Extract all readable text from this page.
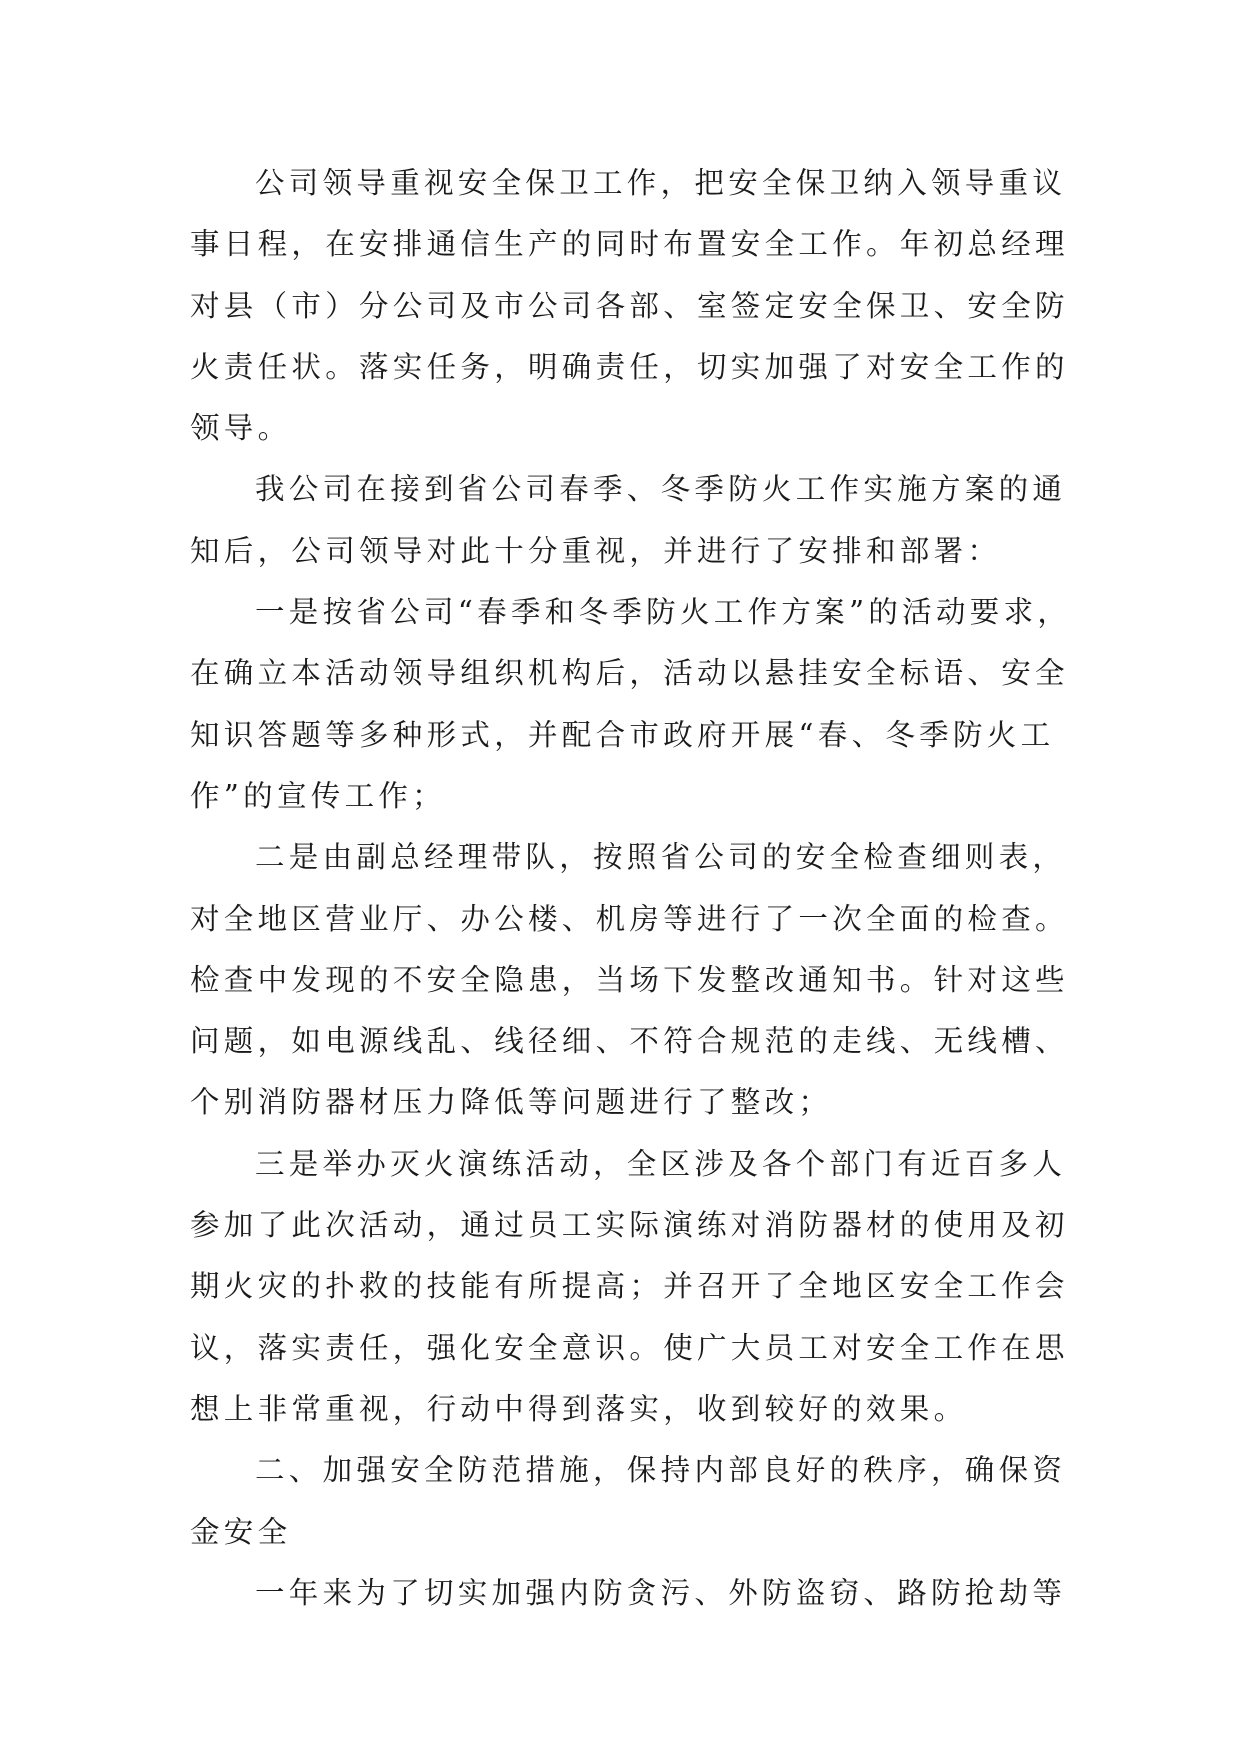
公司领导重视安全保卫工作，把安全保卫纳入领导重议
事日程，在安排通信生产的同时布置安全工作。年初总经理
对县（市）分公司及市公司各部、室签定安全保卫、安全防
火责任状。落实任务，明确责任，切实加强了对安全工作的
领导。
我公司在接到省公司春季、冬季防火工作实施方案的通
知后，公司领导对此十分重视，并进行了安排和部署：
一是按省公司“春季和冬季防火工作方案”的活动要求，
在确立本活动领导组织机构后，活动以悬挂安全标语、安全
知识答题等多种形式，并配合市政府开展“春、冬季防火工
作”的宣传工作；
二是由副总经理带队，按照省公司的安全检查细则表，
对全地区营业厅、办公楼、机房等进行了一次全面的检查。
检查中发现的不安全隐患，当场下发整改通知书。针对这些
问题，如电源线乱、线径细、不符合规范的走线、无线槽、
个别消防器材压力降低等问题进行了整改；
三是举办灭火演练活动，全区涉及各个部门有近百多人
参加了此次活动，通过员工实际演练对消防器材的使用及初
期火灾的扑救的技能有所提高；并召开了全地区安全工作会
议，落实责任，强化安全意识。使广大员工对安全工作在思
想上非常重视，行动中得到落实，收到较好的效果。
二、加强安全防范措施，保持内部良好的秩序，确保资
金安全
一年来为了切实加强内防贪污、外防盗窃、路防抢劫等
